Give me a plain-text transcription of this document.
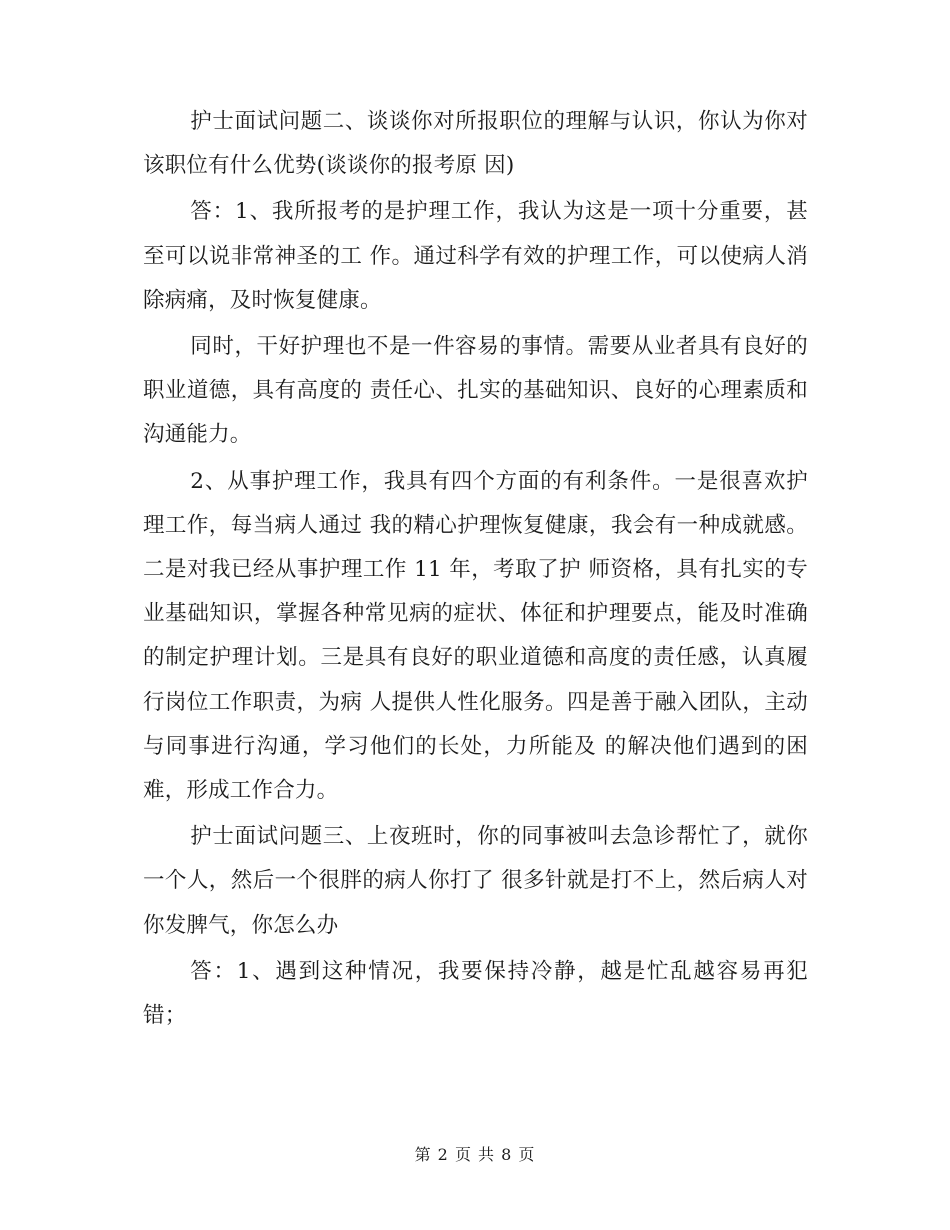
护士面试问题二、谈谈你对所报职位的理解与认识，你认为你对该职位有什么优势(谈谈你的报考原 因)

答：1、我所报考的是护理工作，我认为这是一项十分重要，甚至可以说非常神圣的工 作。通过科学有效的护理工作，可以使病人消除病痛，及时恢复健康。

同时，干好护理也不是一件容易的事情。需要从业者具有良好的职业道德，具有高度的 责任心、扎实的基础知识、良好的心理素质和沟通能力。

2、从事护理工作，我具有四个方面的有利条件。一是很喜欢护理工作，每当病人通过 我的精心护理恢复健康，我会有一种成就感。二是对我已经从事护理工作 11 年，考取了护 师资格，具有扎实的专业基础知识，掌握各种常见病的症状、体征和护理要点，能及时准确 的制定护理计划。三是具有良好的职业道德和高度的责任感，认真履行岗位工作职责，为病 人提供人性化服务。四是善于融入团队，主动与同事进行沟通，学习他们的长处，力所能及 的解决他们遇到的困难，形成工作合力。

护士面试问题三、上夜班时，你的同事被叫去急诊帮忙了，就你一个人，然后一个很胖的病人你打了 很多针就是打不上，然后病人对你发脾气，你怎么办

答：1、遇到这种情况，我要保持冷静，越是忙乱越容易再犯错；

第 2 页 共 8 页
